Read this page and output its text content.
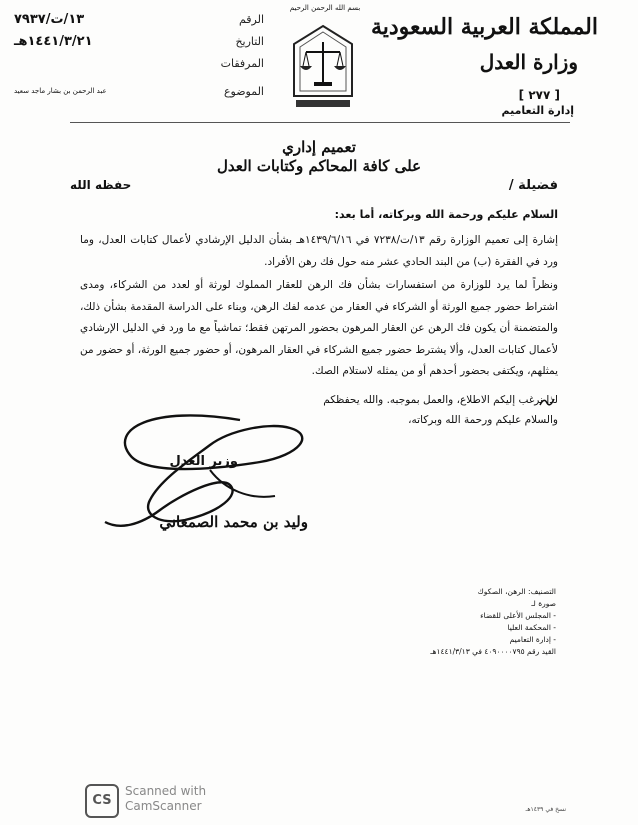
الرقم
١٣/ت/٧٩٣٧
التاريخ
١٤٤١/٣/٢١هـ
المرفقات
الموضوع
عبد الرحمن بن بشار ماجد سعيد
بسم الله الرحمن الرحيم
المملكة العربية السعودية
وزارة العدل
[ ٢٧٧ ]
إدارة التعاميم
تعميم إداري
على كافة المحاكم وكتابات العدل
فضيلة /
حفظه الله
السلام عليكم ورحمة الله وبركاته، أما بعد:

إشارة إلى تعميم الوزارة رقم ١٣/ت/٧٢٣٨ في ١٤٣٩/٦/١٦هـ بشأن الدليل الإرشادي لأعمال كتابات العدل، وما ورد في الفقرة (ب) من البند الحادي عشر منه حول فك رهن الأفراد.

ونظراً لما يرد للوزارة من استفسارات بشأن فك الرهن للعقار المملوك لورثة أو لعدد من الشركاء، ومدى اشتراط حضور جميع الورثة أو الشركاء في العقار من عدمه لفك الرهن، وبناء على الدراسة المقدمة بشأن ذلك، والمتضمنة أن يكون فك الرهن عن العقار المرهون بحضور المرتهن فقط؛ تماشياً مع ما ورد في الدليل الإرشادي لأعمال كتابات العدل، وألا يشترط حضور جميع الشركاء في العقار المرهون، أو حضور جميع الورثة، أو حضور من يمثلهم، ويكتفى بحضور أحدهم أو من يمثله لاستلام الصك.

لذا نرغب إليكم الاطلاع، والعمل بموجبه. والله يحفظكم
والسلام عليكم ورحمة الله وبركاته،
وزير العدل
وليد بن محمد الصمعاني
التصنيف: الرهن، الصكوك
صورة لـ
- المجلس الأعلى للقضاء
- المحكمة العليا
- إدارة التعاميم
القيد رقم ٤٠٩٠٠٠٠٧٩٥ في ١٤٤١/٣/١٣هـ
نسخ في ١٤٣٩هـ
CS
Scanned with
CamScanner
